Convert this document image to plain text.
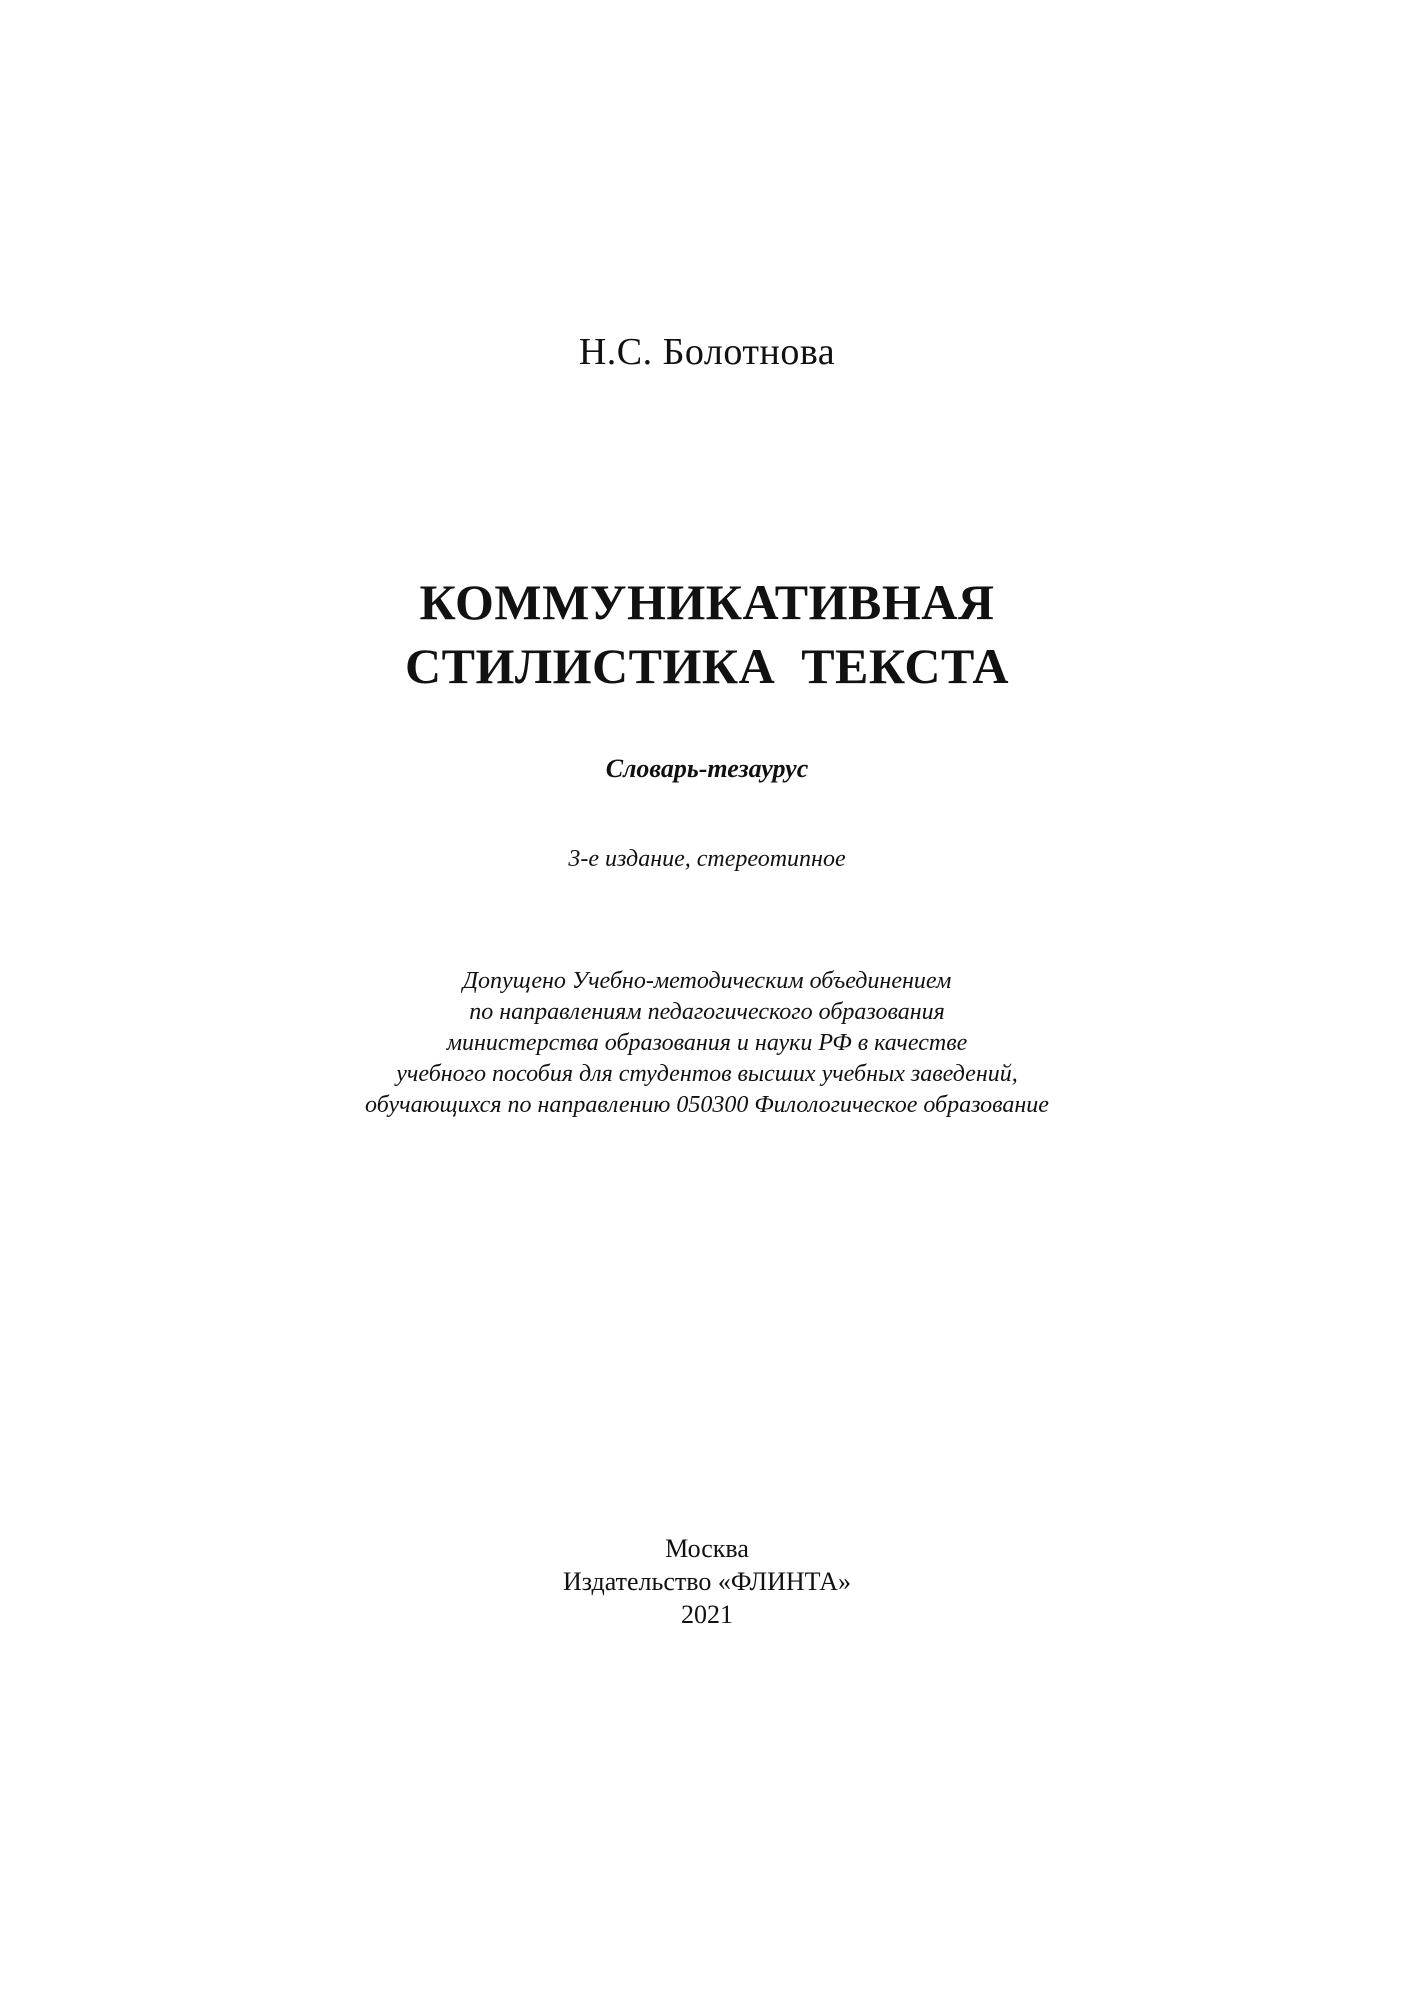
Н.С. Болотнова
КОММУНИКАТИВНАЯ
СТИЛИСТИКА  ТЕКСТА
Словарь-тезаурус
3-е издание, стереотипное
Допущено Учебно-методическим объединением
по направлениям педагогического образования
министерства образования и науки РФ в качестве
учебного пособия для студентов высших учебных заведений,
обучающихся по направлению 050300 Филологическое образование
Москва
Издательство «ФЛИНТА»
2021
